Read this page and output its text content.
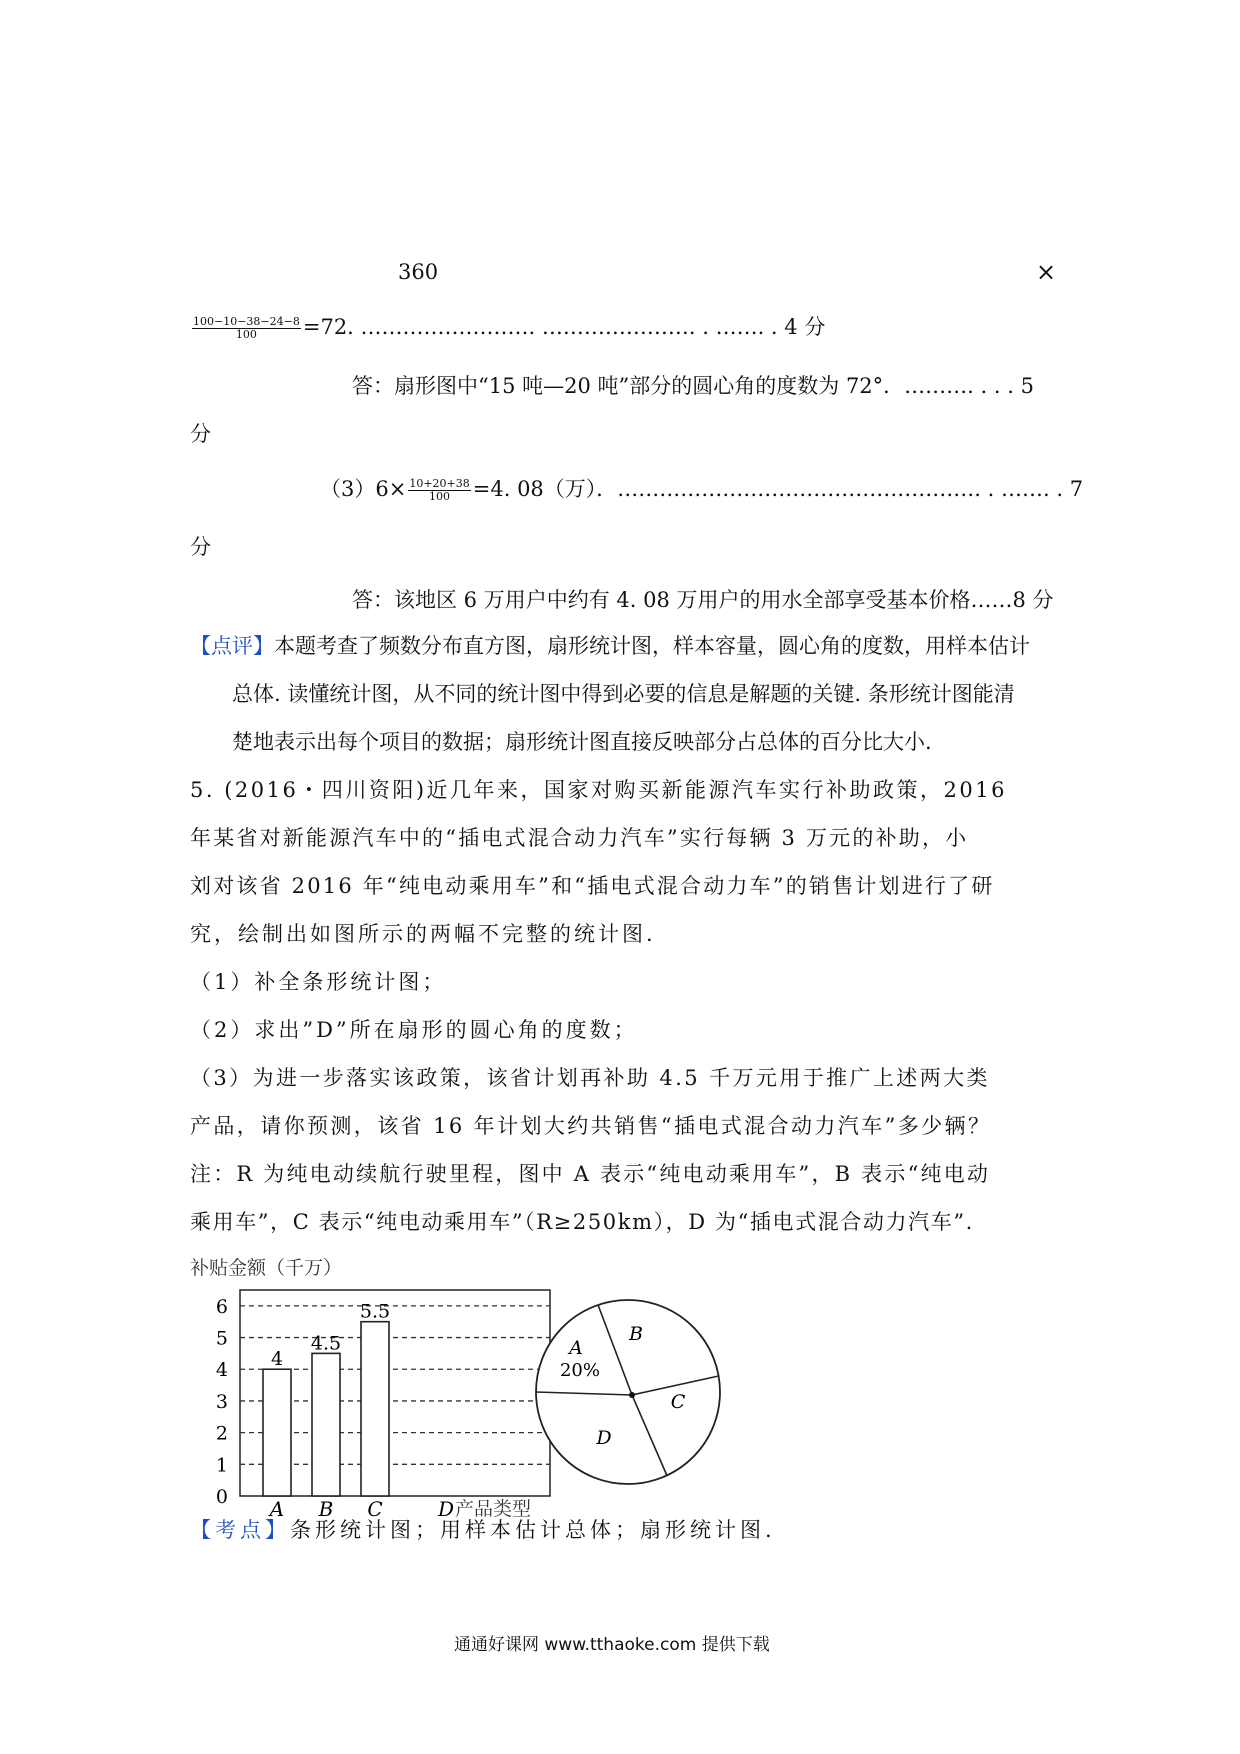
360	×
$\frac{100-10-38-24-8}{100} =72$. ……………………. …………………. . ……. . 4 分
答：扇形图中“15 吨—20 吨”部分的圆心角的度数为 72°．………. . . . 5
分
$(3)6\times \frac{10+20+38}{100} =4$. 08（万）．……………………………………………. . ……. . 7
分
答：该地区 6 万用户中约有 4. 08 万用户的用水全部享受基本价格……8 分
【点评】本题考查了频数分布直方图，扇形统计图，样本容量，圆心角的度数，用样本估计
总体. 读懂统计图，从不同的统计图中得到必要的信息是解题的关键. 条形统计图能清
楚地表示出每个项目的数据；扇形统计图直接反映部分占总体的百分比大小.
5. (2016・四川资阳)近几年来，国家对购买新能源汽车实行补助政策，2016
年某省对新能源汽车中的“插电式混合动力汽车”实行每辆 3 万元的补助，小
刘对该省 2016 年“纯电动乘用车”和“插电式混合动力车”的销售计划进行了研
究，绘制出如图所示的两幅不完整的统计图.
（1）补全条形统计图；
（2）求出”D”所在扇形的圆心角的度数；
（3）为进一步落实该政策，该省计划再补助 4.5 千万元用于推广上述两大类
产品，请你预测，该省 16 年计划大约共销售“插电式混合动力汽车”多少辆？
注：R 为纯电动续航行驶里程，图中 A 表示“纯电动乘用车”，B 表示“纯电动
乘用车”，C 表示“纯电动乘用车”（R≥250km），D 为“插电式混合动力汽车”.
补贴金额（千万）
0
1
2
3
4
5
6
4
4.5
5.5
A B C	D 产品类型
A
20%
B
C
D
【考点】条形统计图；用样本估计总体；扇形统计图.
通通好课网 www.tthaoke.com 提供下载
